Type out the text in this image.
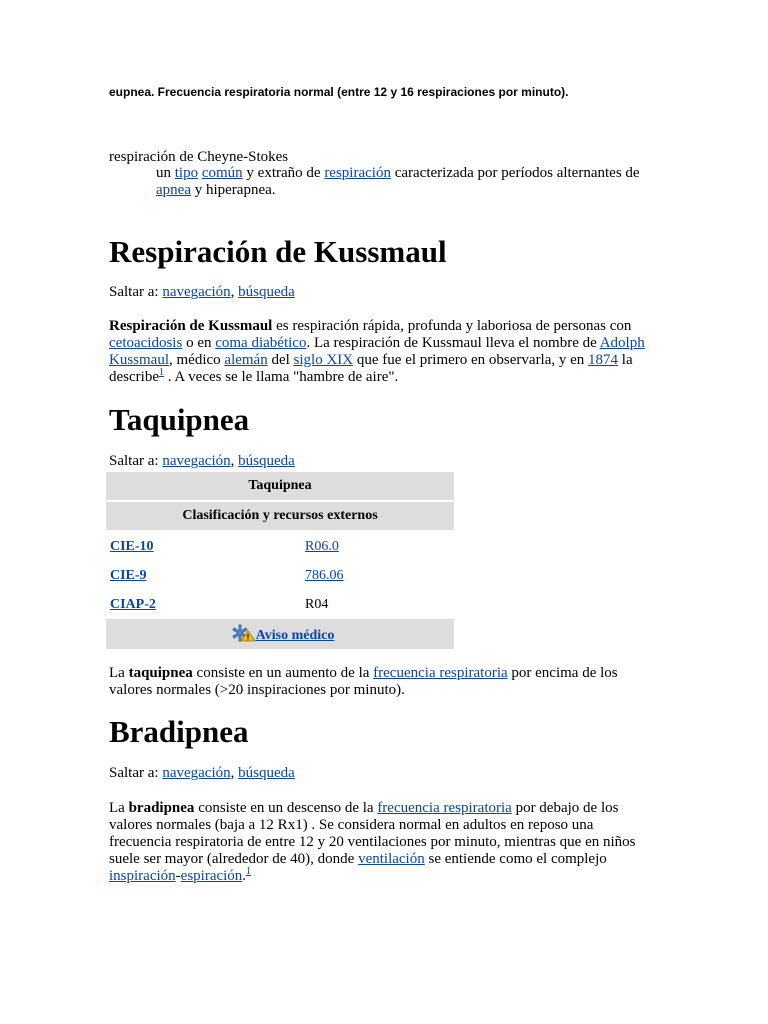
eupnea. Frecuencia respiratoria normal (entre 12 y 16 respiraciones por minuto).
respiración de Cheyne-Stokes
un tipo común y extraño de respiración caracterizada por períodos alternantes de apnea y hiperapnea.
Respiración de Kussmaul
Saltar a: navegación, búsqueda
Respiración de Kussmaul es respiración rápida, profunda y laboriosa de personas con cetoacidosis o en coma diabético. La respiración de Kussmaul lleva el nombre de Adolph Kussmaul, médico alemán del siglo XIX que fue el primero en observarla, y en 1874 la describe$^1$ . A veces se le llama "hambre de aire".
Taquipnea
Saltar a: navegación, búsqueda
Taquipnea	
Clasificación y recursos externos	
CIE-10	R06.0
CIE-9	786.06
CIAP-2	R04
Aviso médico	
La taquipnea consiste en un aumento de la frecuencia respiratoria por encima de los valores normales (>20 inspiraciones por minuto).
Bradipnea
Saltar a: navegación, búsqueda
La bradipnea consiste en un descenso de la frecuencia respiratoria por debajo de los valores normales (baja a 12 Rx1) . Se considera normal en adultos en reposo una frecuencia respiratoria de entre 12 y 20 ventilaciones por minuto, mientras que en niños suele ser mayor (alrededor de 40), donde ventilación se entiende como el complejo inspiración-espiración.$^1$
